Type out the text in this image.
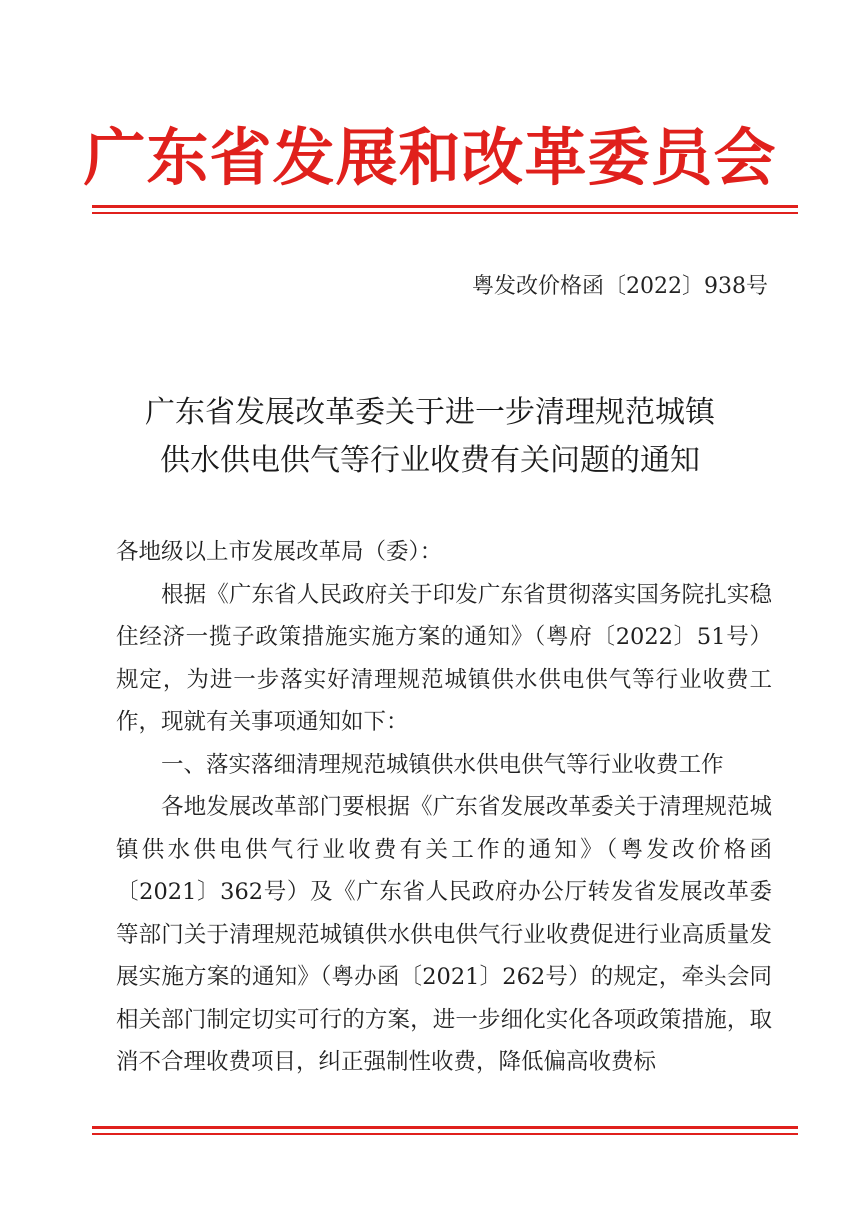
广东省发展和改革委员会
粤发改价格函〔2022〕938号
广东省发展改革委关于进一步清理规范城镇
供水供电供气等行业收费有关问题的通知

各地级以上市发展改革局（委）：

根据《广东省人民政府关于印发广东省贯彻落实国务院扎实稳住经济一揽子政策措施实施方案的通知》（粤府〔2022〕51号）规定，为进一步落实好清理规范城镇供水供电供气等行业收费工作，现就有关事项通知如下：

一、落实落细清理规范城镇供水供电供气等行业收费工作

各地发展改革部门要根据《广东省发展改革委关于清理规范城镇供水供电供气行业收费有关工作的通知》（粤发改价格函〔2021〕362号）及《广东省人民政府办公厅转发省发展改革委等部门关于清理规范城镇供水供电供气行业收费促进行业高质量发展实施方案的通知》（粤办函〔2021〕262号）的规定，牵头会同相关部门制定切实可行的方案，进一步细化实化各项政策措施，取消不合理收费项目，纠正强制性收费，降低偏高收费标
